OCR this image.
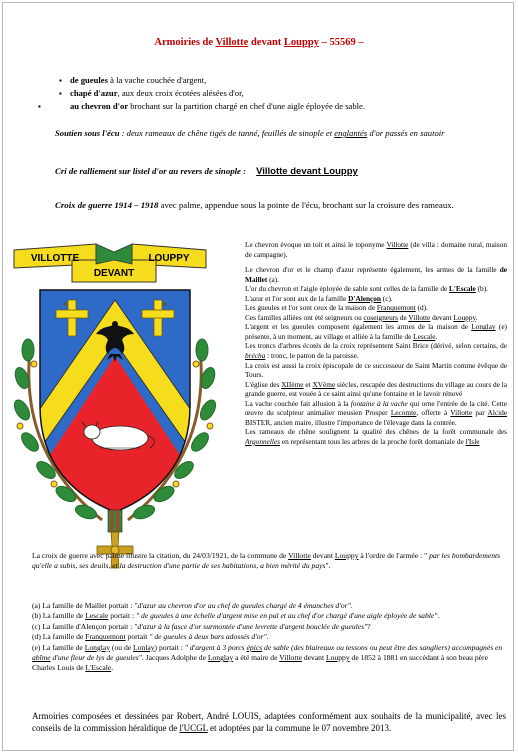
Armoiries de Villotte devant Louppy – 55569 –
▪ de gueules à la vache couchée d'argent,
▪ chapé d'azur, aux deux croix écotées alésées d'or,
▪ au chevron d'or brochant sur la partition chargé en chef d'une aigle éployée de sable.
Soutien sous l'écu : deux rameaux de chêne tigés de tanné, feuillés de sinople et englantés d'or passés en sautoir
Cri de ralliement sur listel d'or au revers de sinople : Villotte devant Louppy
Croix de guerre 1914 – 1918 avec palme, appendue sous la pointe de l'écu, brochant sur la croisure des rameaux.
VILLOTTE	LOUPPY
DEVANT

Le chevron évoque un toit et ainsi le toponyme Villotte (de villa : domaine rural, maison de campagne).

Le chevron d'or et le champ d'azur représente également, les armes de la famille de Maillet (a).

L'or du chevron et l'aigle éployée de sable sont celles de la famille de L'Escale (b).

L'azur et l'or sont aux de la famille D'Alençon (c).

Les gueules et l'or sont ceux de la maison de Franquemont (d).

Ces familles alliées ont été seigneurs ou coseigneurs de Villotte devant Louppy.

L'argent et les gueules composent également les armes de la maison de Longlay (e) présente, à un moment, au village et alliée à la famille de Lescale.

Les troncs d'arbres écotés de la croix représentent Saint Brice (dérivé, selon certains, de brécha : tronc, le patron de la paroisse.

La croix est aussi la croix épiscopale de ce successeur de Saint Martin comme évêque de Tours.

L'église des XIIème et XVème siècles, rescapée des destructions du village au cours de la grande guerre, est vouée à ce saint ainsi qu'une fontaine et le lavoir rénové

La vache couchée fait allusion à la fontaine à la vache qui orne l'entrée de la cité. Cette œuvre du sculpteur animalier meusien Prosper Lecomte, offerte à Villotte par Alcide BISTER, ancien maire, illustre l'importance de l'élevage dans la contrée.

Les rameaux de chêne soulignent la qualité des chênes de la forêt communale des Argonnelles en représentant tous les arbres de la proche forêt domaniale de l'Isle

La croix de guerre avec palme illustre la citation, du 24/03/1921, de la commune de Villotte devant Louppy à l'ordre de l'armée : " par les bombardements qu'elle a subis, ses deuils, et la destruction d'une partie de ses habitations, a bien mérité du pays".

(a) La famille de Maillet portait : "d'azur au chevron d'or au chef de gueules chargé de 4 émanches d'or".

(b) La famille de Lescale portait : " de gueules à une échelle d'argent mise en pal et au chef d'or chargé d'une aigle éployée de sable".

(c) La famille d'Alençon portait : "d'azur à la fasce d'or surmontée d'une levrette d'argent bouclée de gueules"?

(d) La famille de Franquemont portait " de gueules à deux bars adossés d'or".

(e) La famille de Longlay (ou de Lonlay) portait : " d'argent à 3 porcs épics de sable (des blaireaux ou tessons ou peut être des sangliers) accompagnés en abîme d'une fleur de lys de gueules". Jacques Adolphe de Longlay a été maire de Villotte devant Louppy de 1852 à 1881 en succédant à son beau père Charles Louis de L'Escale.

Armoiries composées et dessinées par Robert, André LOUIS, adaptées conformément aux souhaits de la municipalité, avec les conseils de la commission héraldique de l'UCGL et adoptées par la commune le 07 novembre 2013.
